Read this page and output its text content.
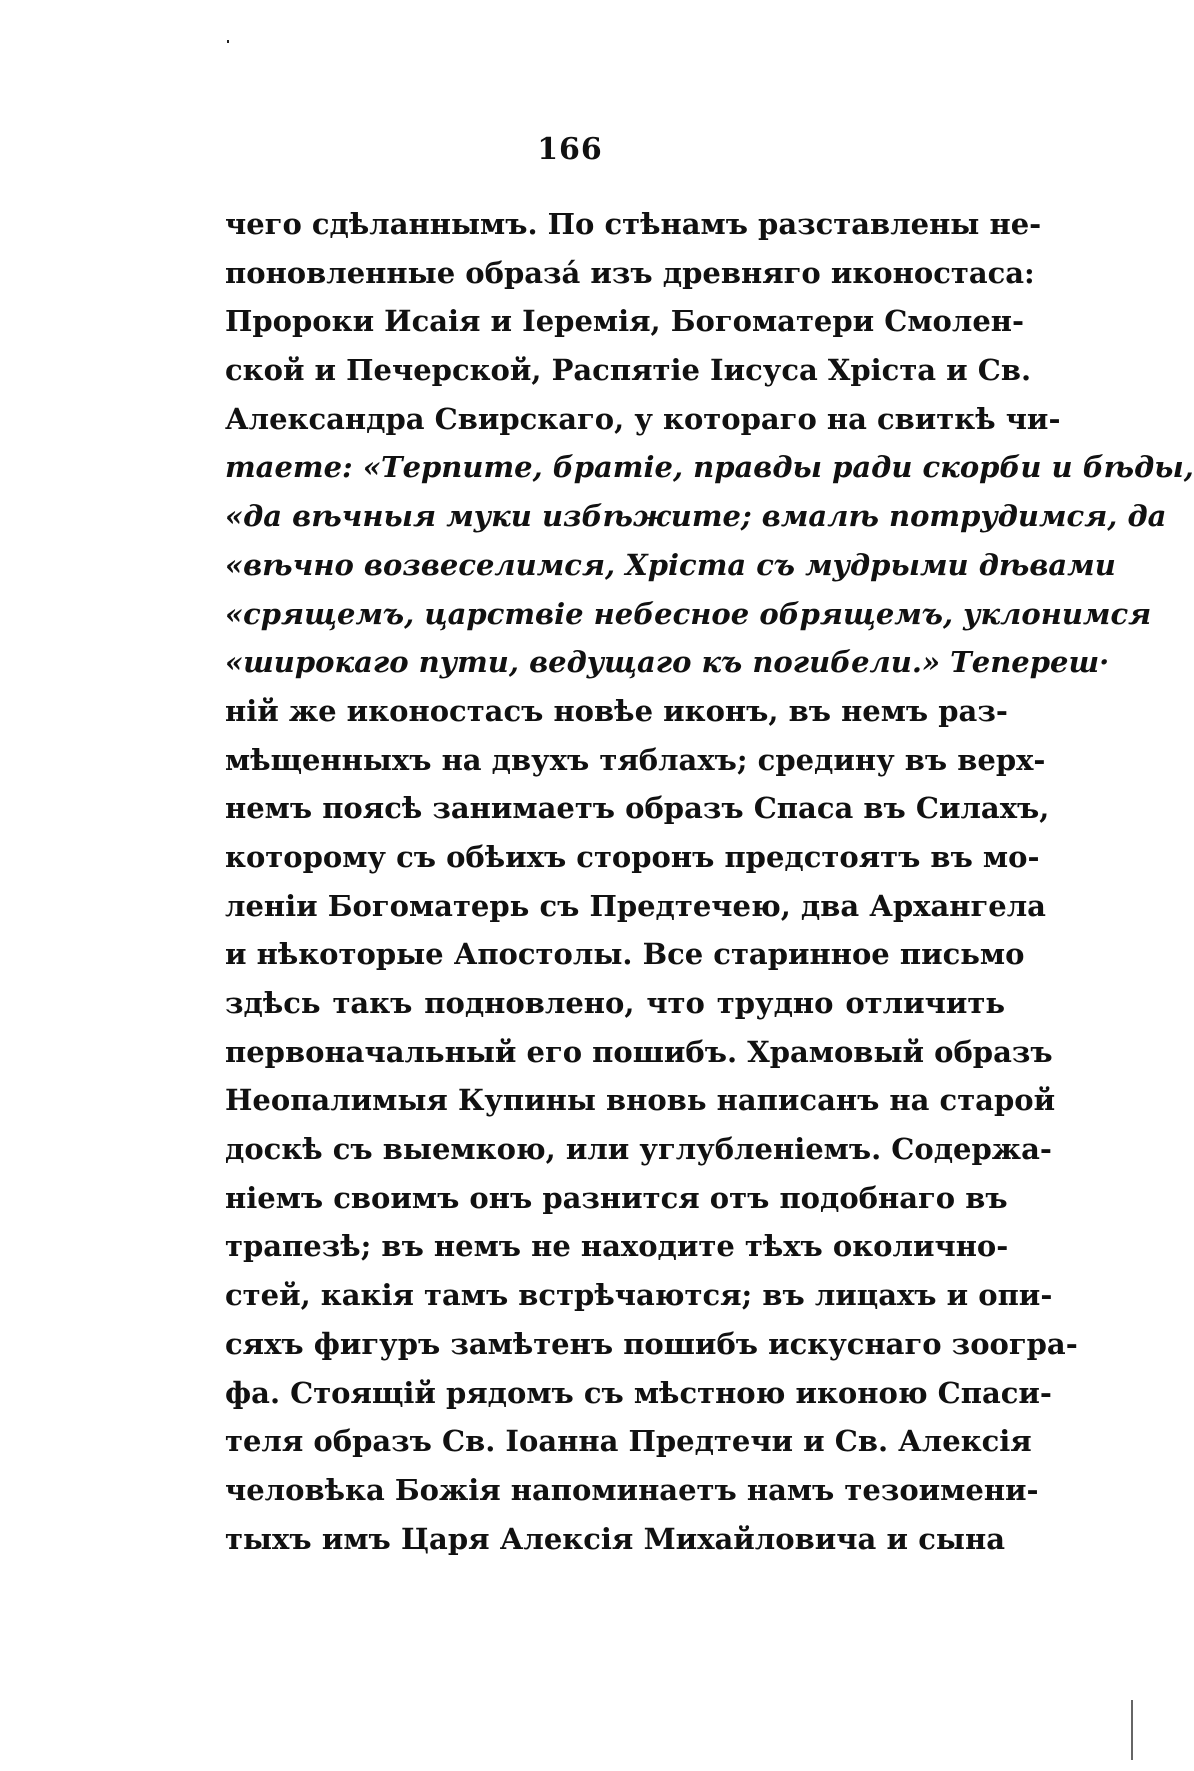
166
чего сдѣланнымъ. По стѣнамъ разставлены не-
поновленные образá изъ древняго иконостаса:
Пророки Исаія и Іеремія, Богоматери Смолен-
ской и Печерской, Распятіе Іисуса Хріста и Св.
Александра Свирскаго, у котораго на свиткѣ чи-
таете: «Терпите, братіе, правды ради скорби и бѣды,
«да вѣчныя муки избѣжите; вмалѣ потрудимся, да
«вѣчно возвеселимся, Хріста съ мудрыми дѣвами
«срящемъ, царствіе небесное обрящемъ, уклонимся
«широкаго пути, ведущаго къ погибели.» Тепереш·
ній же иконостасъ новѣе иконъ, въ немъ раз-
мѣщенныхъ на двухъ тяблахъ; средину въ верх-
немъ поясѣ занимаетъ образъ Спаса въ Силахъ,
которому съ обѣихъ сторонъ предстоятъ въ мо-
леніи Богоматерь съ Предтечею, два Архангела
и нѣкоторые Апостолы. Все старинное письмо
здѣсь такъ подновлено, что трудно отличить
первоначальный его пошибъ. Храмовый образъ
Неопалимыя Купины вновь написанъ на старой
доскѣ съ выемкою, или углубленіемъ. Содержа-
ніемъ своимъ онъ разнится отъ подобнаго въ
трапезѣ; въ немъ не находите тѣхъ околично-
стей, какія тамъ встрѣчаются; въ лицахъ и опи-
сяхъ фигуръ замѣтенъ пошибъ искуснаго зоогра-
фа. Стоящій рядомъ съ мѣстною иконою Спаси-
теля образъ Св. Іоанна Предтечи и Св. Алексія
человѣка Божія напоминаетъ намъ тезоимени-
тыхъ имъ Царя Алексія Михайловича и сына
